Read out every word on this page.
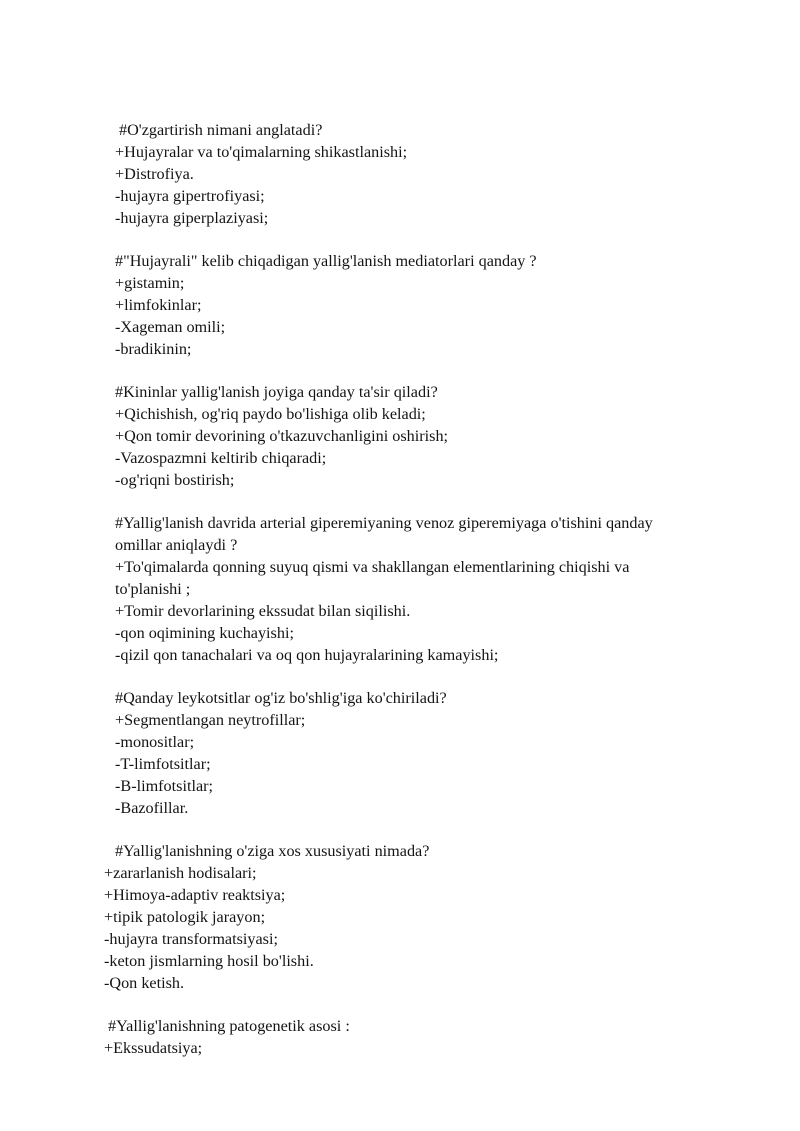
#O'zgartirish nimani anglatadi?
+Hujayralar va to'qimalarning shikastlanishi;
+Distrofiya.
-hujayra gipertrofiyasi;
-hujayra giperplaziyasi;
#"Hujayrali" kelib chiqadigan yallig'lanish mediatorlari qanday ?
+gistamin;
+limfokinlar;
-Xageman omili;
-bradikinin;
#Kininlar yallig'lanish joyiga qanday ta'sir qiladi?
+Qichishish, og'riq paydo bo'lishiga olib keladi;
+Qon tomir devorining o'tkazuvchanligini oshirish;
-Vazospazmni keltirib chiqaradi;
-og'riqni bostirish;
#Yallig'lanish davrida arterial giperemiyaning venoz giperemiyaga o'tishini qanday
omillar aniqlaydi ?
+To'qimalarda qonning suyuq qismi va shakllangan elementlarining chiqishi va
to'planishi ;
+Tomir devorlarining ekssudat bilan siqilishi.
-qon oqimining kuchayishi;
-qizil qon tanachalari va oq qon hujayralarining kamayishi;
#Qanday leykotsitlar og'iz bo'shlig'iga ko'chiriladi?
+Segmentlangan neytrofillar;
-monositlar;
-T-limfotsitlar;
-B-limfotsitlar;
-Bazofillar.
#Yallig'lanishning o'ziga xos xususiyati nimada?
+zararlanish hodisalari;
+Himoya-adaptiv reaktsiya;
+tipik patologik jarayon;
-hujayra transformatsiyasi;
-keton jismlarning hosil bo'lishi.
-Qon ketish.
#Yallig'lanishning patogenetik asosi :
+Ekssudatsiya;
